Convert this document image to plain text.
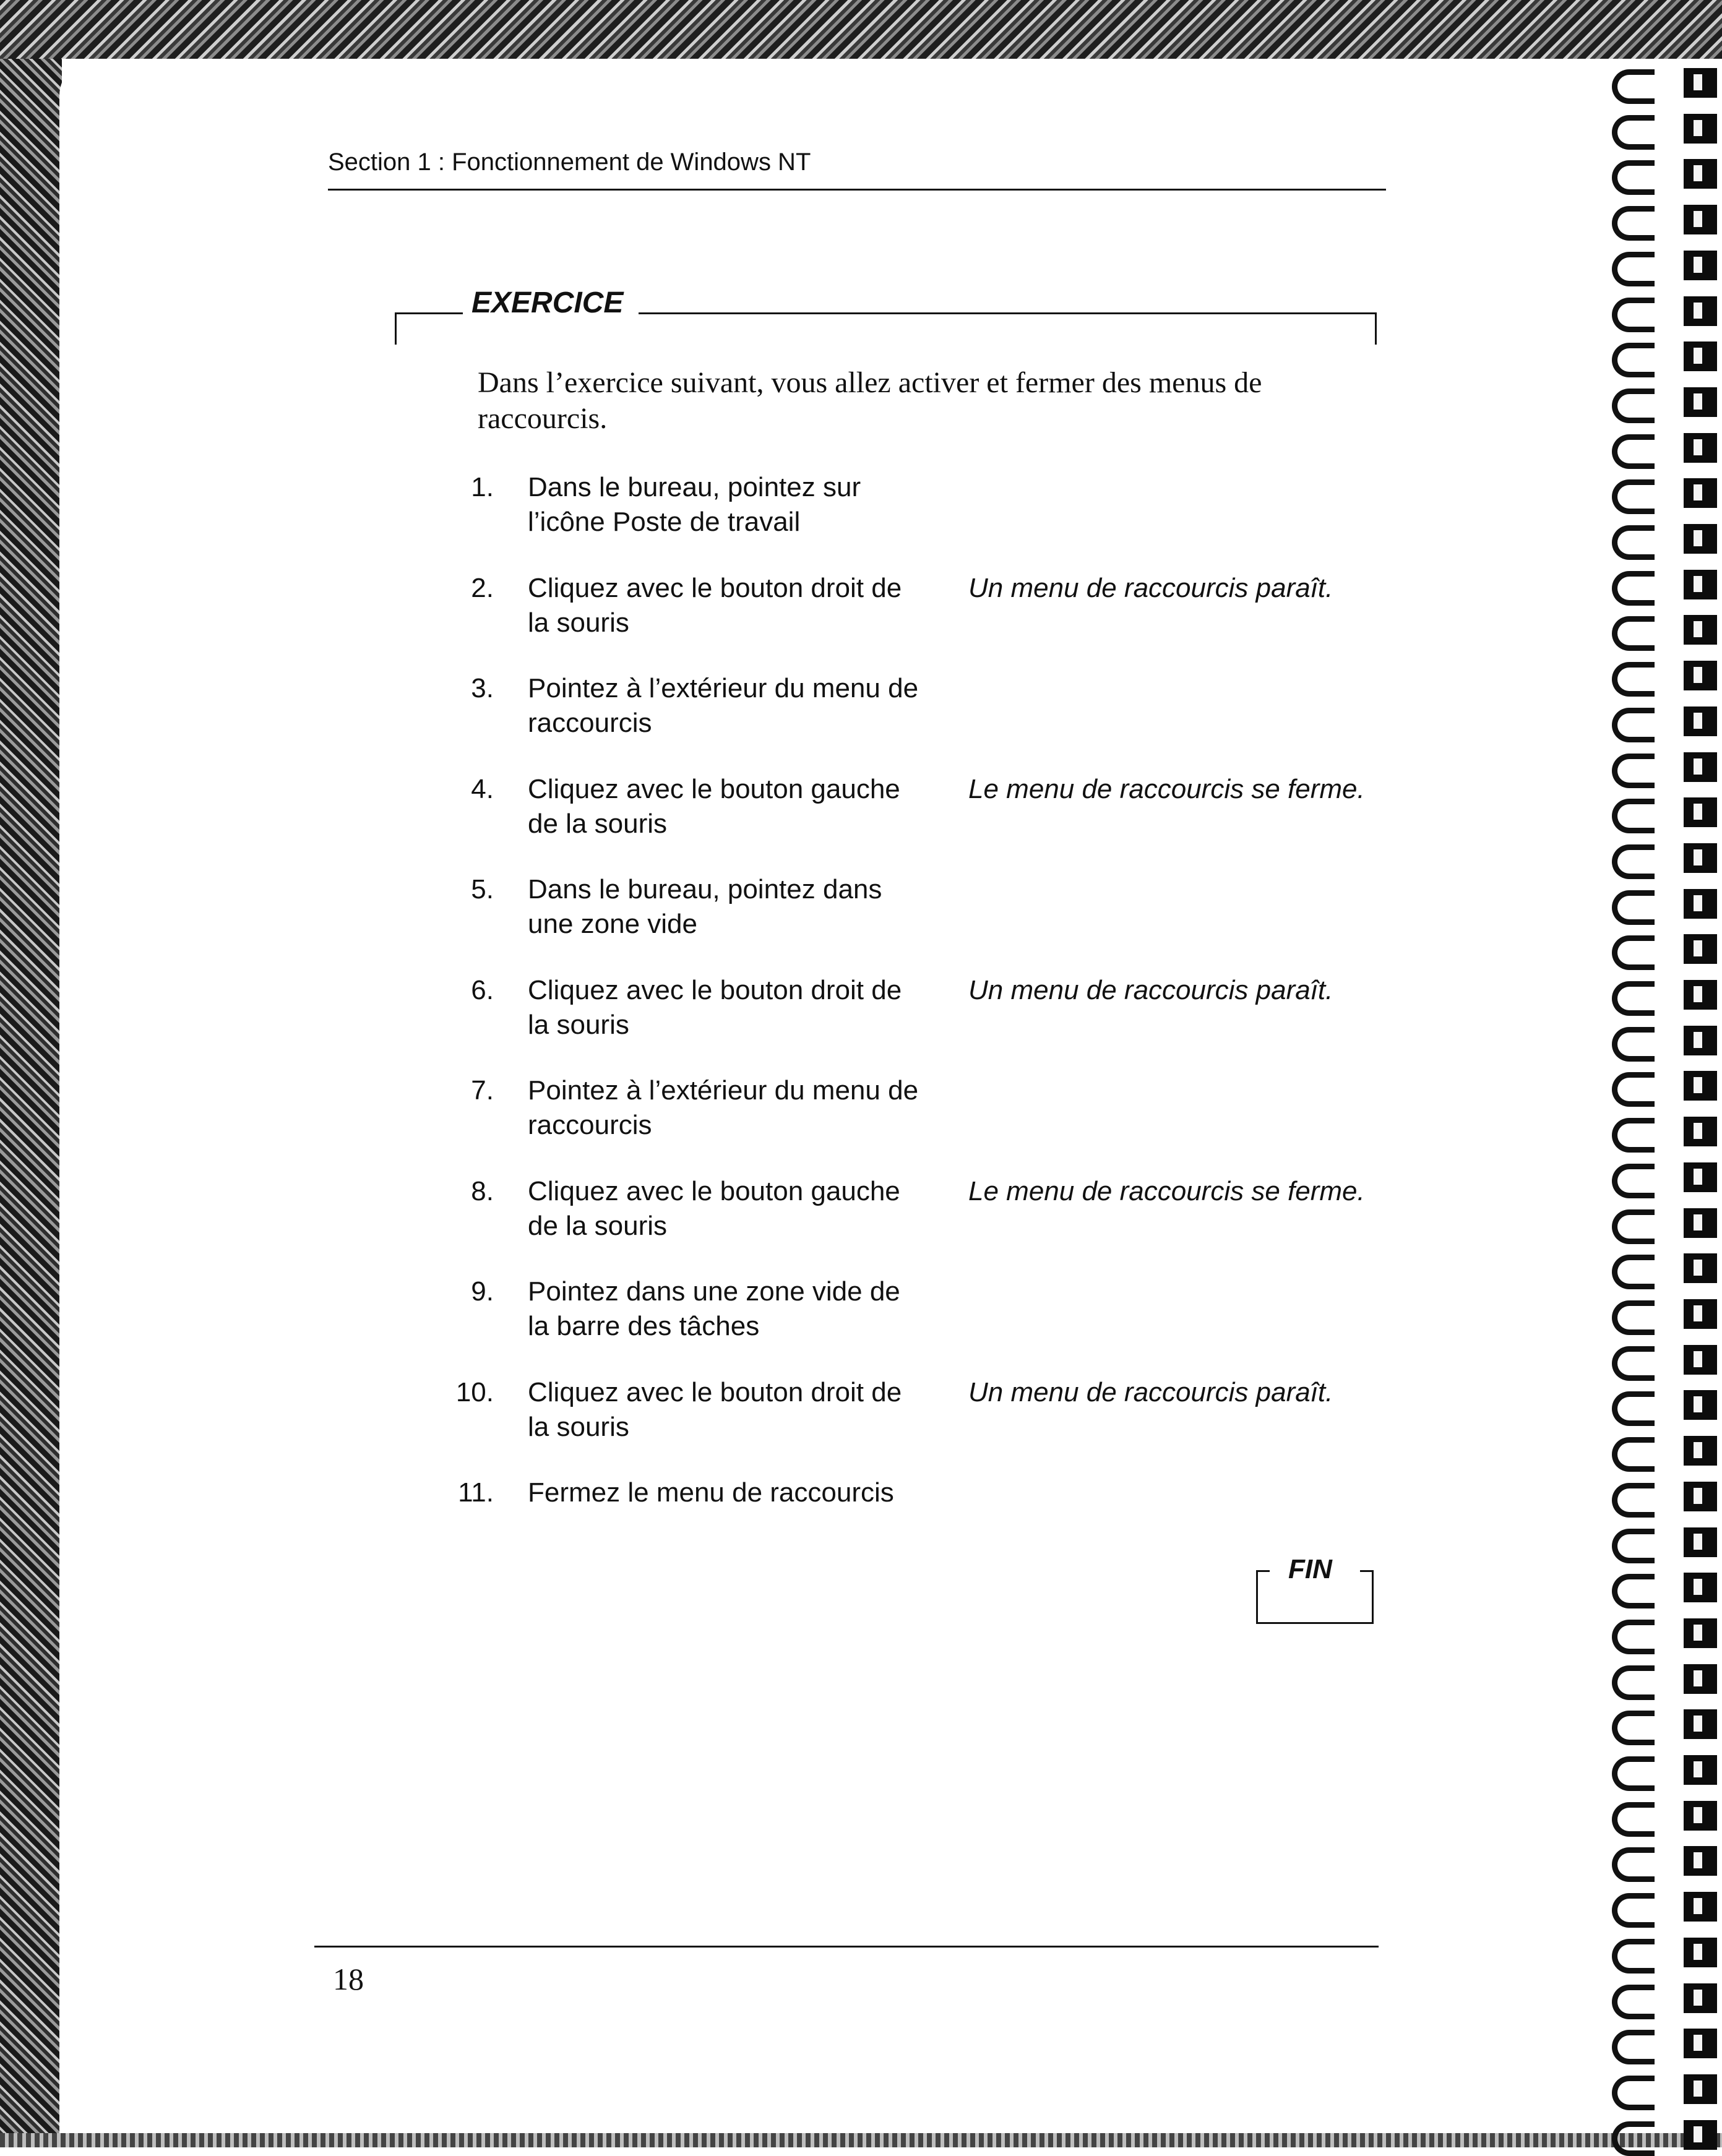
Section 1 : Fonctionnement de Windows NT
EXERCICE
Dans l’exercice suivant, vous allez activer et fermer des menus de raccourcis.
1. Dans le bureau, pointez sur l’icône Poste de travail
2. Cliquez avec le bouton droit de la souris
Un menu de raccourcis paraît.
3. Pointez à l’extérieur du menu de raccourcis
4. Cliquez avec le bouton gauche de la souris
Le menu de raccourcis se ferme.
5. Dans le bureau, pointez dans une zone vide
6. Cliquez avec le bouton droit de la souris
Un menu de raccourcis paraît.
7. Pointez à l’extérieur du menu de raccourcis
8. Cliquez avec le bouton gauche de la souris
Le menu de raccourcis se ferme.
9. Pointez dans une zone vide de la barre des tâches
10. Cliquez avec le bouton droit de la souris
Un menu de raccourcis paraît.
11. Fermez le menu de raccourcis
FIN
18
